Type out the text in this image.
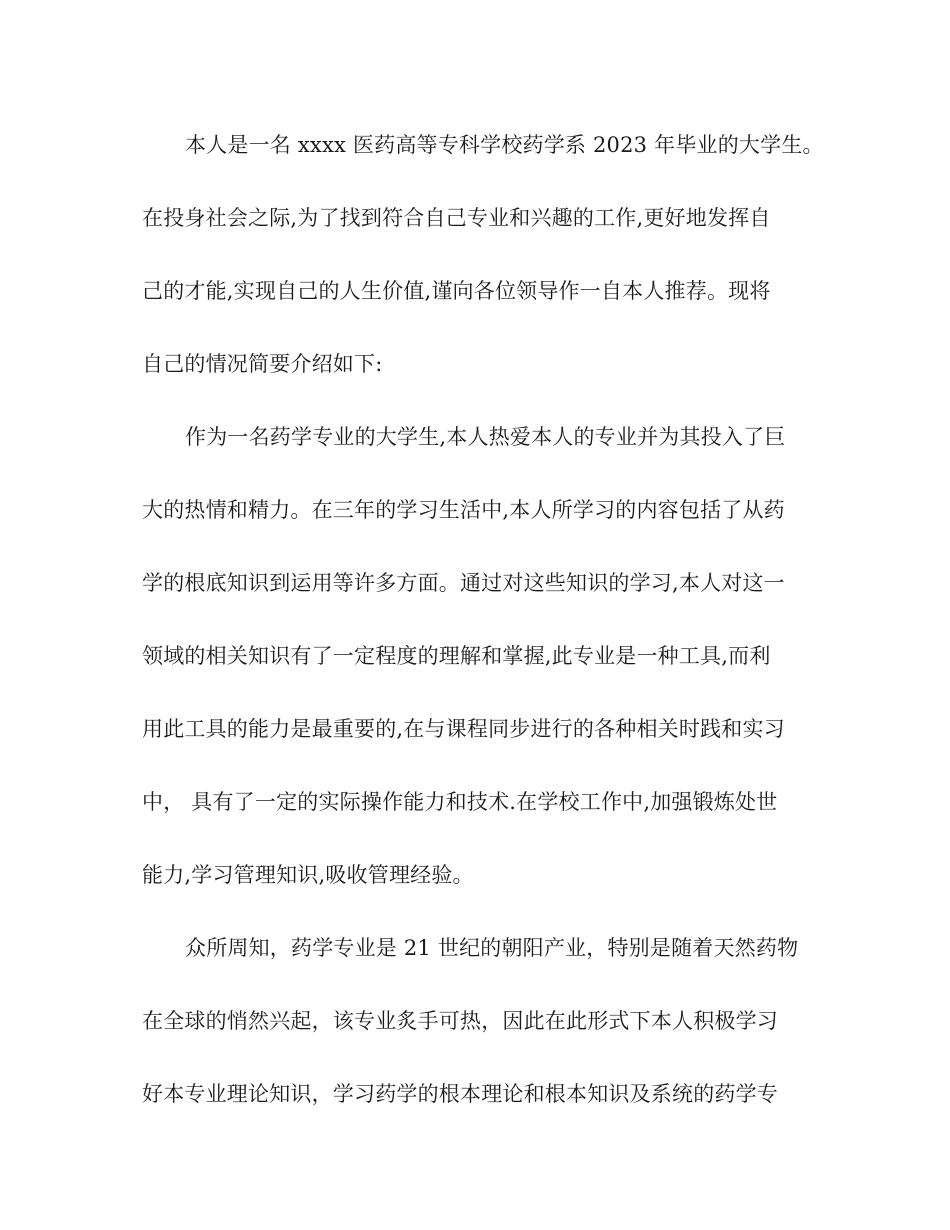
本人是一名 xxxx 医药高等专科学校药学系 2023 年毕业的大学生。
在投身社会之际,为了找到符合自己专业和兴趣的工作,更好地发挥自
己的才能,实现自己的人生价值,谨向各位领导作一自本人推荐。现将
自己的情况简要介绍如下:
作为一名药学专业的大学生,本人热爱本人的专业并为其投入了巨
大的热情和精力。在三年的学习生活中,本人所学习的内容包括了从药
学的根底知识到运用等许多方面。通过对这些知识的学习,本人对这一
领域的相关知识有了一定程度的理解和掌握,此专业是一种工具,而利
用此工具的能力是最重要的,在与课程同步进行的各种相关时践和实习
中， 具有了一定的实际操作能力和技术.在学校工作中,加强锻炼处世
能力,学习管理知识,吸收管理经验。
众所周知，药学专业是 21 世纪的朝阳产业，特别是随着天然药物
在全球的悄然兴起，该专业炙手可热，因此在此形式下本人积极学习
好本专业理论知识，学习药学的根本理论和根本知识及系统的药学专
